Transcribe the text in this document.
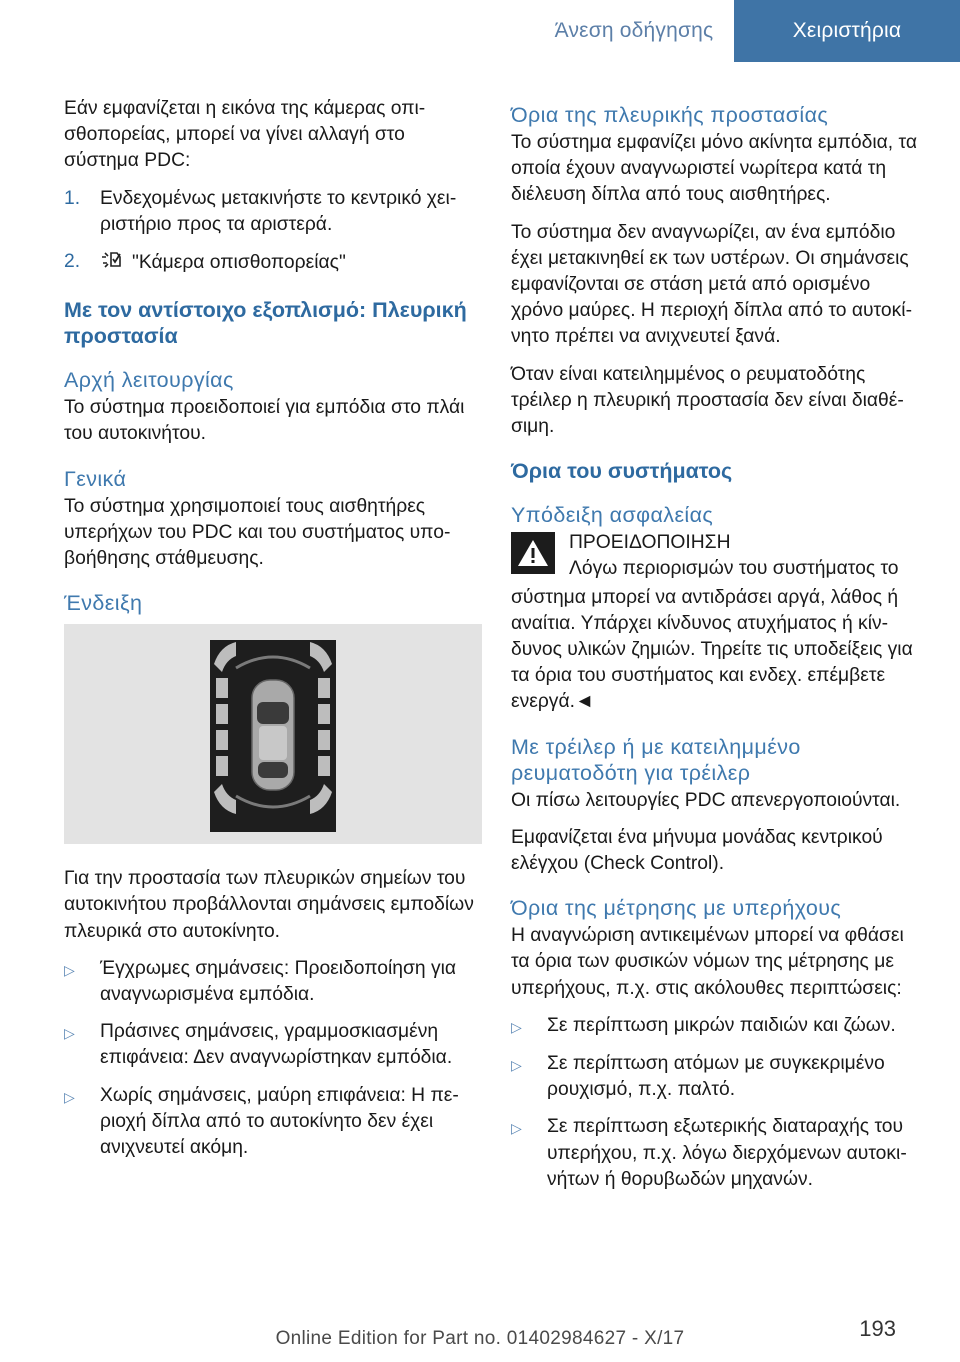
Άνεση οδήγησης	Χειριστήρια

Εάν εμφανίζεται η εικόνα της κάμερας οπισθοπορείας, μπορεί να γίνει αλλαγή στο σύστημα PDC:

1.	Ενδεχομένως μετακινήστε το κεντρικό χειριστήριο προς τα αριστερά.
2.	"Κάμερα οπισθοπορείας"
Με τον αντίστοιχο εξοπλισμό: Πλευρική προστασία
Αρχή λειτουργίας

Το σύστημα προειδοποιεί για εμπόδια στο πλάι του αυτοκινήτου.

Γενικά

Το σύστημα χρησιμοποιεί τους αισθητήρες υπερήχων του PDC και του συστήματος υποβοήθησης στάθμευσης.

Ένδειξη

Για την προστασία των πλευρικών σημείων του αυτοκινήτου προβάλλονται σημάνσεις εμποδίων πλευρικά στο αυτοκίνητο.

▷	Έγχρωμες σημάνσεις: Προειδοποίηση για αναγνωρισμένα εμπόδια.
▷	Πράσινες σημάνσεις, γραμμοσκιασμένη επιφάνεια: Δεν αναγνωρίστηκαν εμπόδια.
▷	Χωρίς σημάνσεις, μαύρη επιφάνεια: Η περιοχή δίπλα από το αυτοκίνητο δεν έχει ανιχνευτεί ακόμη.
Όρια της πλευρικής προστασίας

Το σύστημα εμφανίζει μόνο ακίνητα εμπόδια, τα οποία έχουν αναγνωριστεί νωρίτερα κατά τη διέλευση δίπλα από τους αισθητήρες.

Το σύστημα δεν αναγνωρίζει, αν ένα εμπόδιο έχει μετακινηθεί εκ των υστέρων. Οι σημάνσεις εμφανίζονται σε στάση μετά από ορισμένο χρόνο μαύρες. Η περιοχή δίπλα από το αυτοκίνητο πρέπει να ανιχνευτεί ξανά.

Όταν είναι κατειλημμένος ο ρευματοδότης τρέιλερ η πλευρική προστασία δεν είναι διαθέσιμη.

Όρια του συστήματος
Υπόδειξη ασφαλείας
ΠΡΟΕΙΔΟΠΟΙΗΣΗ
Λόγω περιορισμών του συστήματος το
σύστημα μπορεί να αντιδράσει αργά, λάθος ή αναίτια. Υπάρχει κίνδυνος ατυχήματος ή κίνδυνος υλικών ζημιών. Τηρείτε τις υποδείξεις για τα όρια του συστήματος και ενδεχ. επέμβετε ενεργά.◄
Με τρέιλερ ή με κατειλημμένο ρευματοδότη για τρέιλερ

Οι πίσω λειτουργίες PDC απενεργοποιούνται.

Εμφανίζεται ένα μήνυμα μονάδας κεντρικού ελέγχου (Check Control).

Όρια της μέτρησης με υπερήχους

Η αναγνώριση αντικειμένων μπορεί να φθάσει τα όρια των φυσικών νόμων της μέτρησης με υπερήχους, π.χ. στις ακόλουθες περιπτώσεις:

▷	Σε περίπτωση μικρών παιδιών και ζώων.
▷	Σε περίπτωση ατόμων με συγκεκριμένο ρουχισμό, π.χ. παλτό.
▷	Σε περίπτωση εξωτερικής διαταραχής του υπερήχου, π.χ. λόγω διερχόμενων αυτοκινήτων ή θορυβωδών μηχανών.
193
Online Edition for Part no. 01402984627 - X/17
